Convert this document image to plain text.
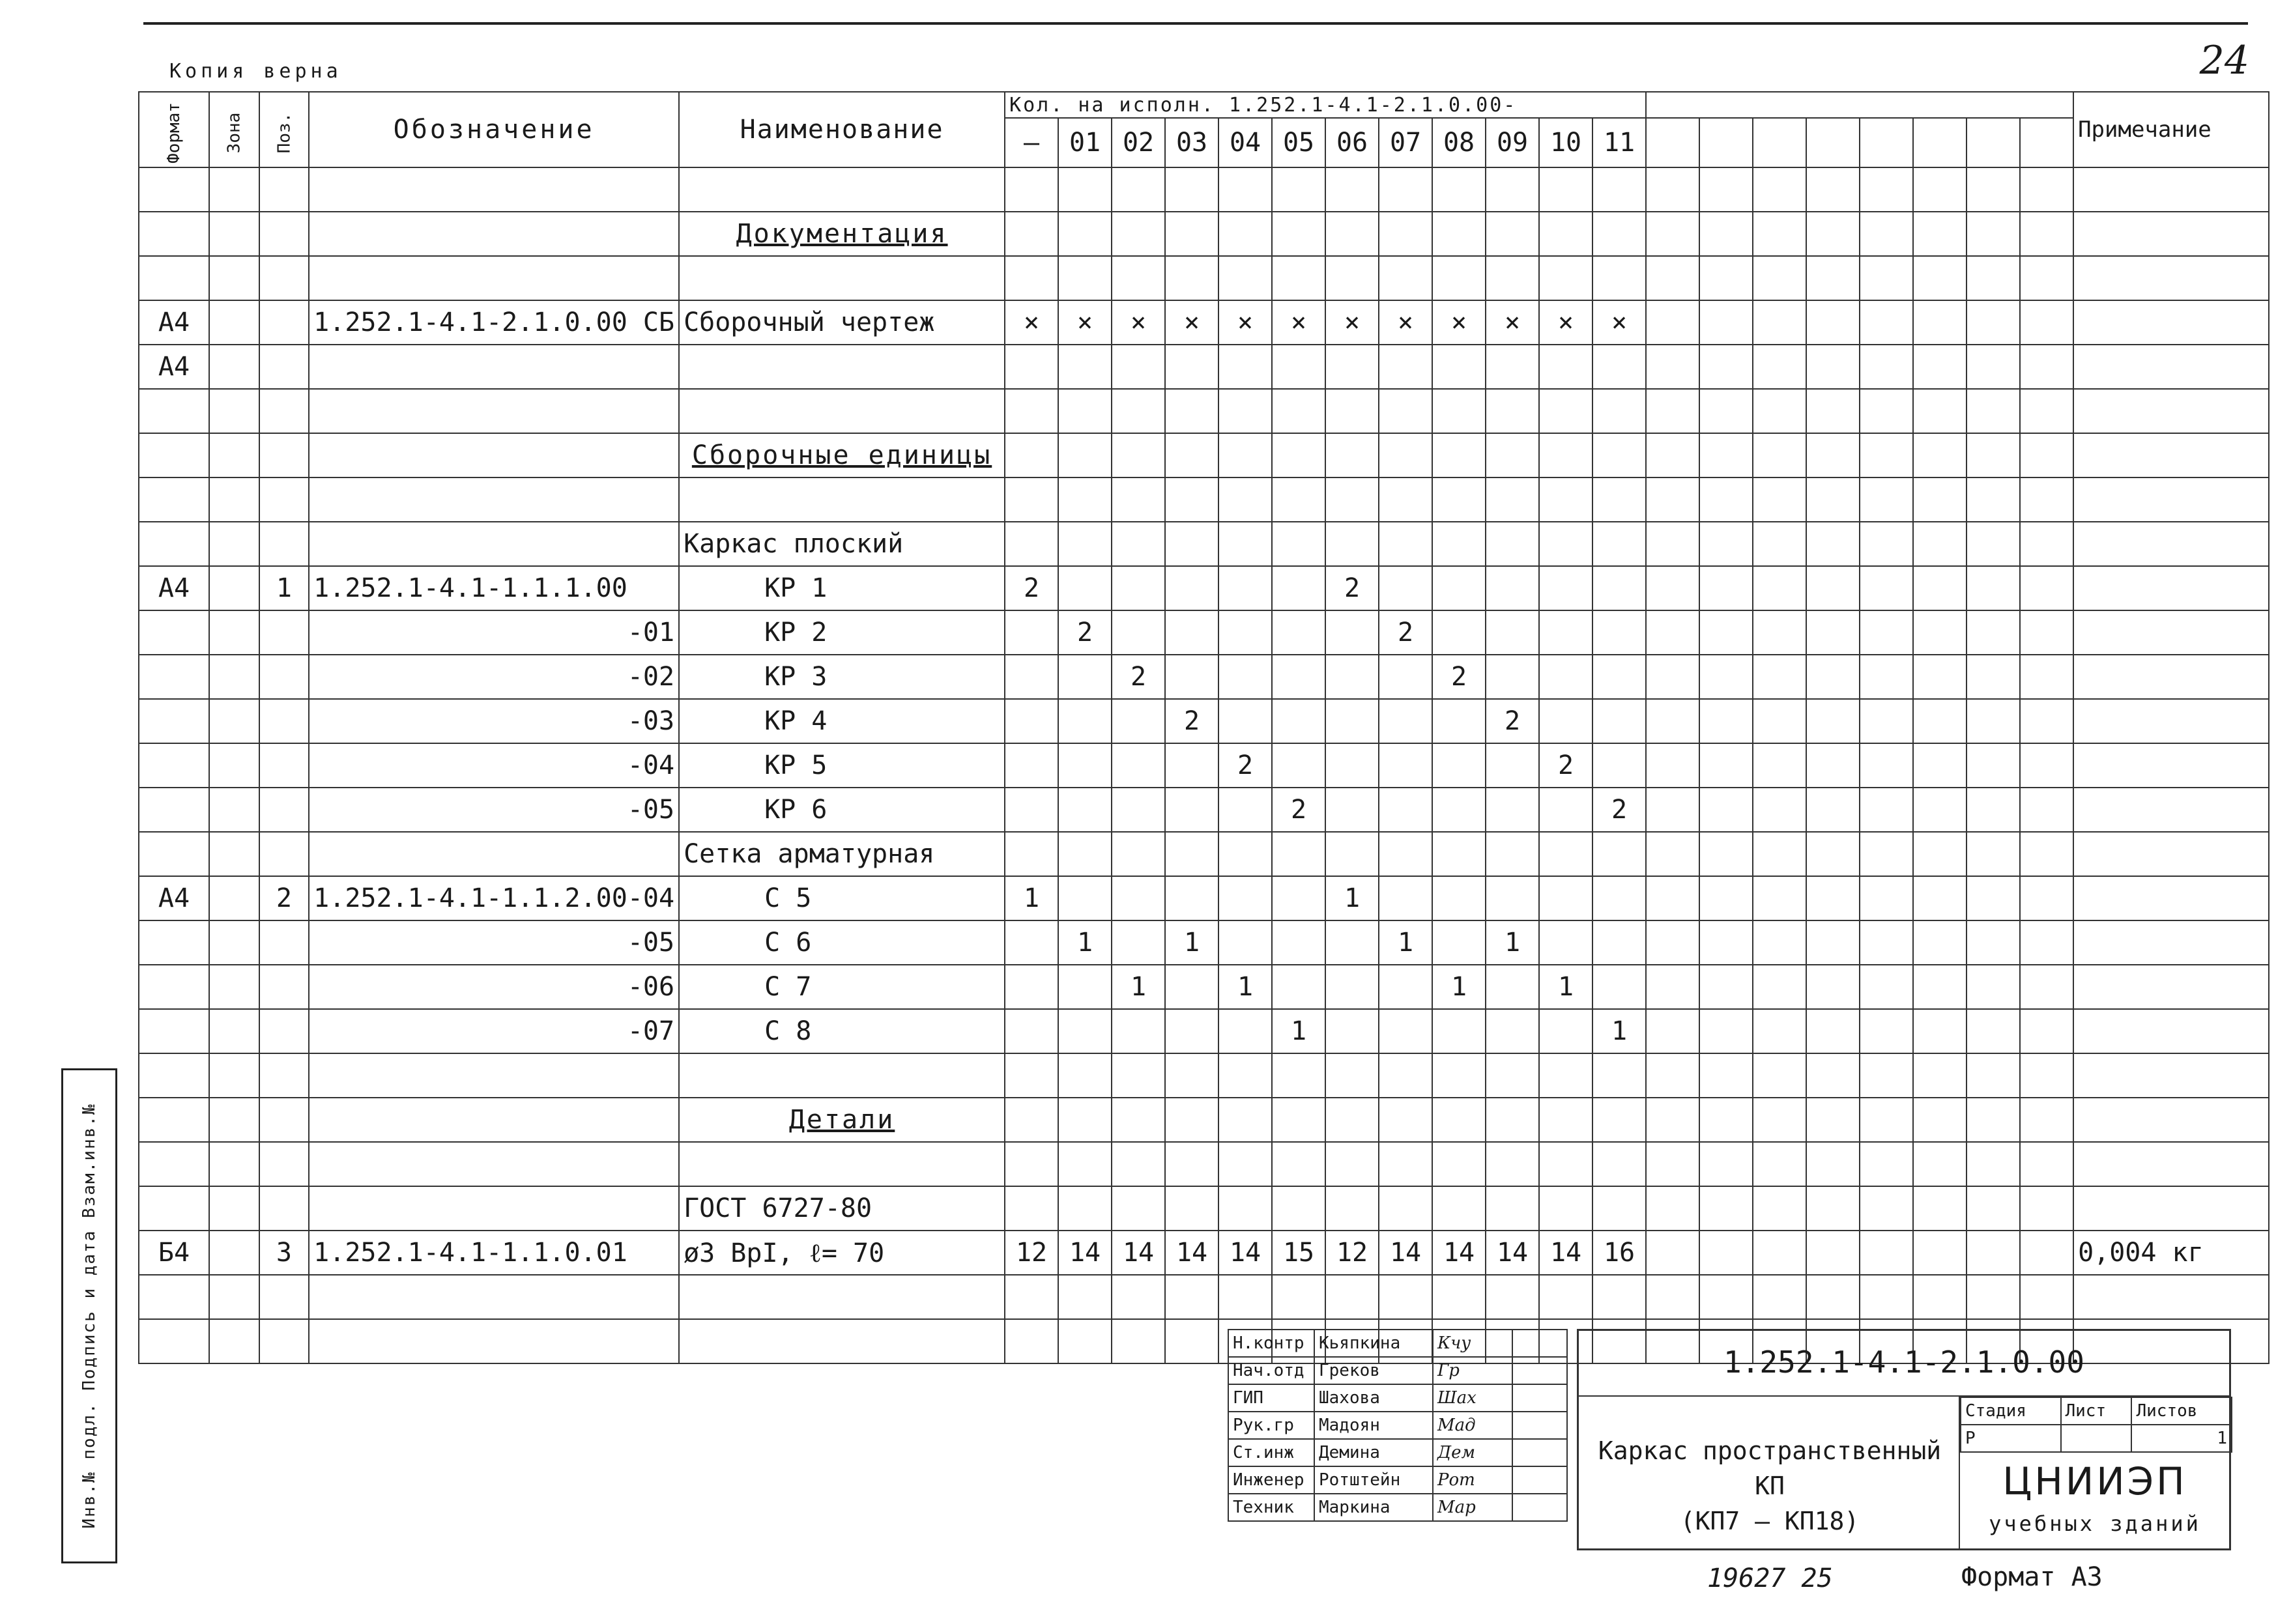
24
Копия верна
Инв.№ подл. Подпись и дата Взам.инв.№
Формат	Зона	Поз.	Обозначение	Наименование	Кол. на исполн. 1.252.1-4.1-2.1.0.00-																				Примечание
					–	01	02	03	04	05	06	07	08	09	10	11									

				Документация																					

А4			1.252.1-4.1-2.1.0.00 СБ	Сборочный чертеж	×	×	×	×	×	×	×	×	×	×	×	×									
А4																									

				Сборочные единицы																					

				Каркас плоский																					
А4		1	1.252.1-4.1-1.1.1.00	КР 1	2						2														
			-01	КР 2		2						2													
			-02	КР 3			2						2												
			-03	КР 4				2						2											
			-04	КР 5					2						2										
			-05	КР 6						2						2									
				Сетка арматурная																					
А4		2	1.252.1-4.1-1.1.2.00-04	С 5	1						1														
			-05	С 6		1		1				1		1											
			-06	С 7			1		1				1		1										
			-07	С 8						1						1									

				Детали																					

				ГОСТ 6727-80																					
Б4		3	1.252.1-4.1-1.1.0.01	ø3 ВрI, ℓ= 70	12	14	14	14	14	15	12	14	14	14	14	16									0,004 кг

Н.контр	Кьяпкина	Кчу	
Нач.отд	Греков	Гр	
ГИП	Шахова	Шах	
Рук.гр	Мадоян	Мад	
Ст.инж	Демина	Дем	
Инженер	Ротштейн	Рот	
Техник	Маркина	Мар	
1.252.1-4.1-2.1.0.00
Каркас пространственный КП
(КП7 – КП18)
Стадия	Лист	Листов
Р		1
ЦНИИЭП
учебных зданий
19627 25	Формат А3
